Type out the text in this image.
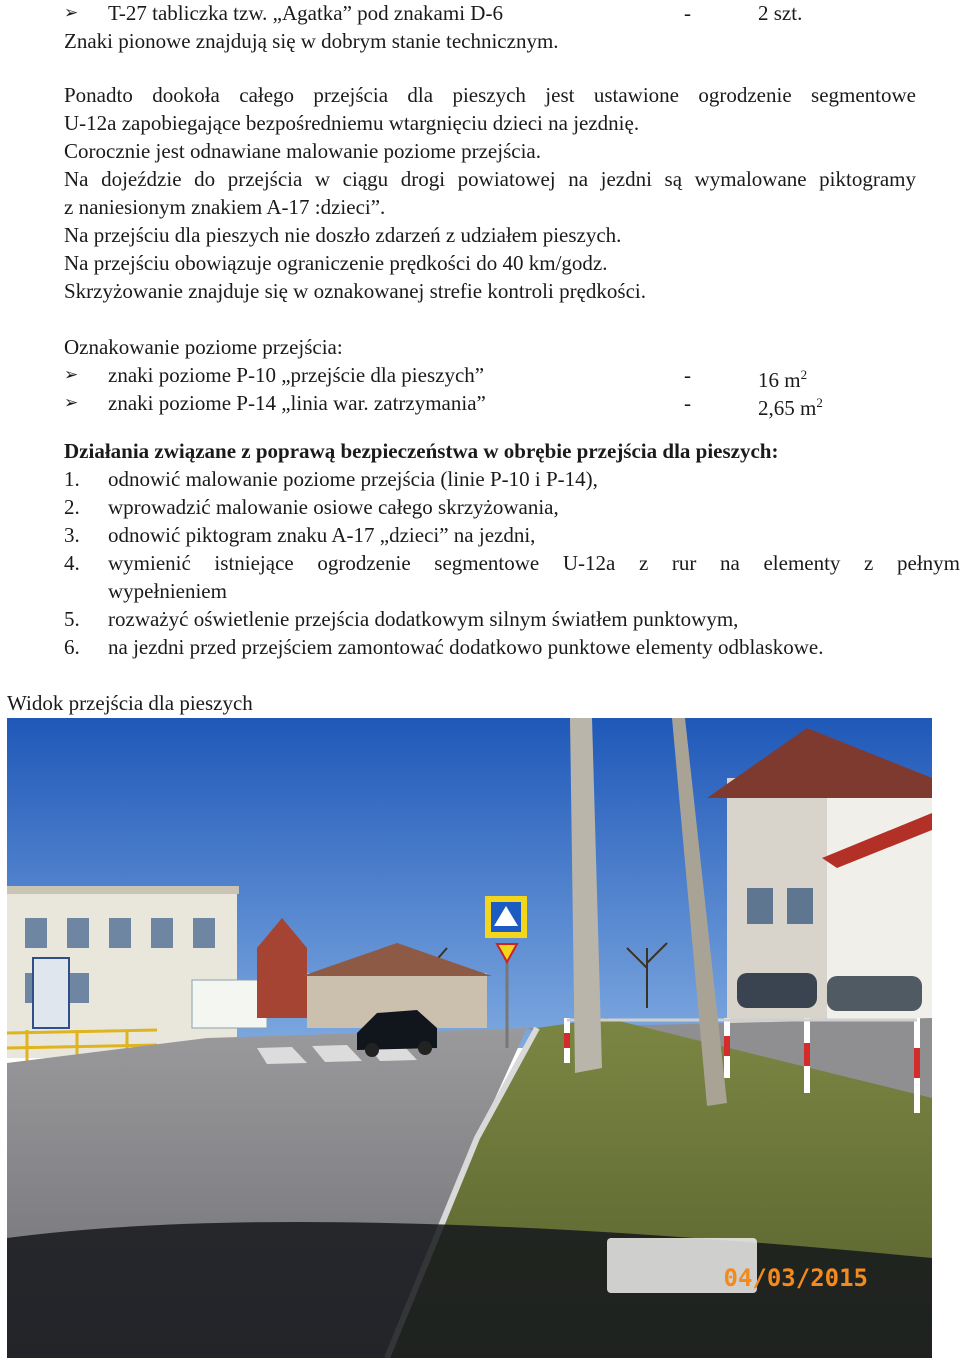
➢ T-27 tabliczka tzw. „Agatka” pod znakami D-6	-	2 szt.
Znaki pionowe znajdują się w dobrym stanie technicznym.
Ponadto dookoła całego przejścia dla pieszych jest ustawione ogrodzenie segmentowe
U-12a zapobiegające bezpośredniemu wtargnięciu dzieci na jezdnię.
Corocznie jest odnawiane malowanie poziome przejścia.
Na dojeździe do przejścia w ciągu drogi powiatowej na jezdni są wymalowane piktogramy
z naniesionym znakiem A-17 :dzieci”.
Na przejściu dla pieszych nie doszło zdarzeń z udziałem pieszych.
Na przejściu obowiązuje ograniczenie prędkości do 40 km/godz.
Skrzyżowanie znajduje się w oznakowanej strefie kontroli prędkości.
Oznakowanie poziome przejścia:
➢ znaki poziome P-10 „przejście dla pieszych”	-	16 $m^2$
➢ znaki poziome P-14 „linia war. zatrzymania”	-	2,65 $m^2$
Działania związane z poprawą bezpieczeństwa w obrębie przejścia dla pieszych:
1. odnowić malowanie poziome przejścia (linie P-10 i P-14),
2. wprowadzić malowanie osiowe całego skrzyżowania,
3. odnowić piktogram znaku A-17 „dzieci” na jezdni,
4. wymienić istniejące ogrodzenie segmentowe U-12a z rur na elementy z pełnym
wypełnieniem
5. rozważyć oświetlenie przejścia dodatkowym silnym światłem punktowym,
6. na jezdni przed przejściem zamontować dodatkowo punktowe elementy odblaskowe.
Widok przejścia dla pieszych
04/03/2015
